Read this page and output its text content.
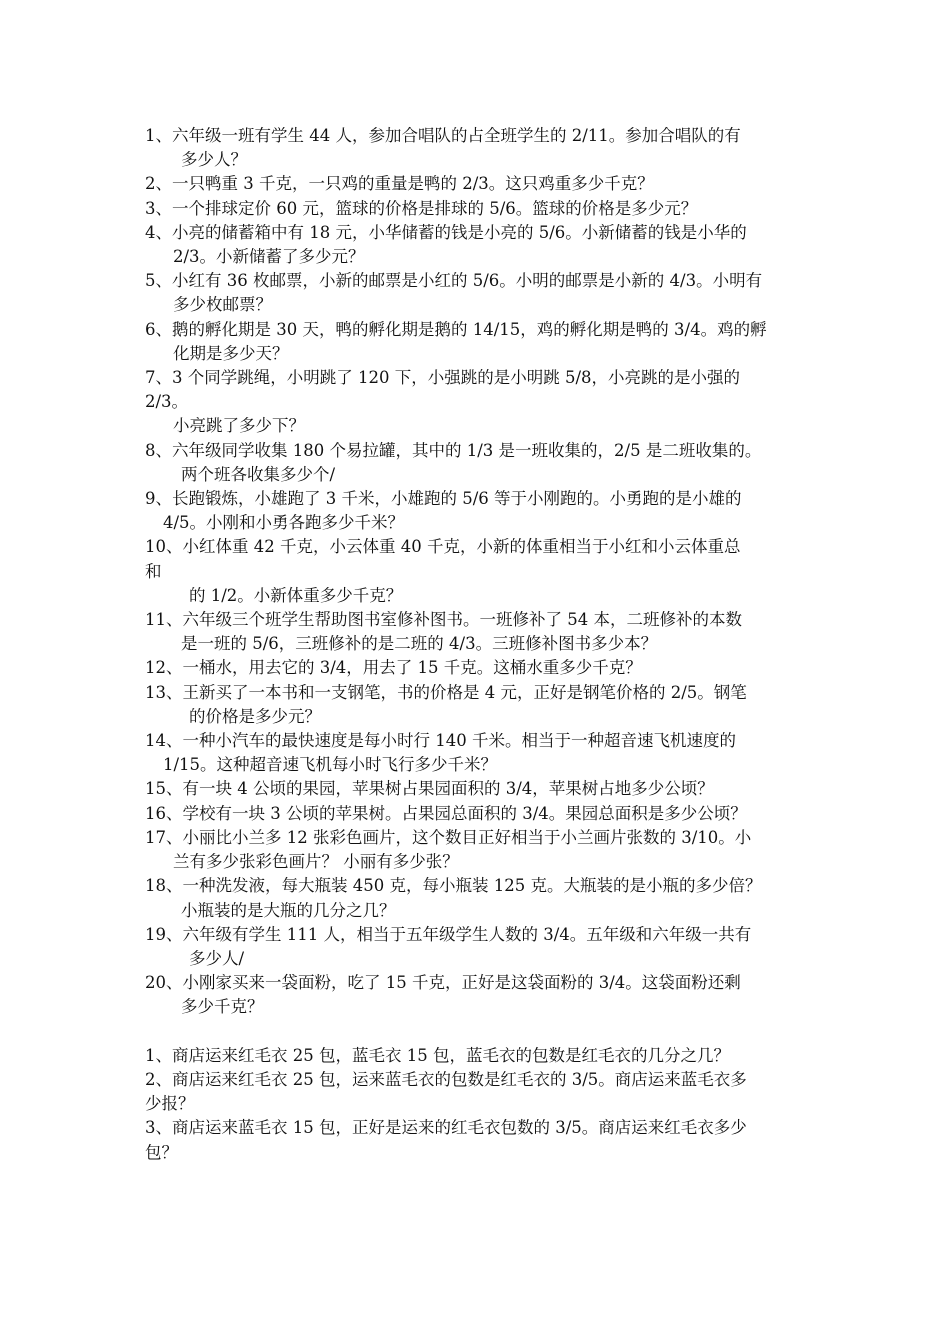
1、六年级一班有学生 44 人，参加合唱队的占全班学生的 2/11。参加合唱队的有
多少人？
2、一只鸭重 3 千克，一只鸡的重量是鸭的 2/3。这只鸡重多少千克？
3、一个排球定价 60 元，篮球的价格是排球的 5/6。篮球的价格是多少元？
4、小亮的储蓄箱中有 18 元，小华储蓄的钱是小亮的 5/6。小新储蓄的钱是小华的
2/3。小新储蓄了多少元？
5、小红有 36 枚邮票，小新的邮票是小红的 5/6。小明的邮票是小新的 4/3。小明有
多少枚邮票？
6、鹅的孵化期是 30 天，鸭的孵化期是鹅的 14/15，鸡的孵化期是鸭的 3/4。鸡的孵
化期是多少天？
7、3 个同学跳绳，小明跳了 120 下，小强跳的是小明跳 5/8，小亮跳的是小强的
2/3。
小亮跳了多少下？
8、六年级同学收集 180 个易拉罐，其中的 1/3 是一班收集的，2/5 是二班收集的。
两个班各收集多少个/
9、长跑锻炼，小雄跑了 3 千米，小雄跑的 5/6 等于小刚跑的。小勇跑的是小雄的
4/5。小刚和小勇各跑多少千米？
10、小红体重 42 千克，小云体重 40 千克，小新的体重相当于小红和小云体重总
和
的 1/2。小新体重多少千克？
11、六年级三个班学生帮助图书室修补图书。一班修补了 54 本，二班修补的本数
是一班的 5/6，三班修补的是二班的 4/3。三班修补图书多少本？
12、一桶水，用去它的 3/4，用去了 15 千克。这桶水重多少千克？
13、王新买了一本书和一支钢笔，书的价格是 4 元，正好是钢笔价格的 2/5。钢笔
的价格是多少元？
14、一种小汽车的最快速度是每小时行 140 千米。相当于一种超音速飞机速度的
1/15。这种超音速飞机每小时飞行多少千米？
15、有一块 4 公顷的果园，苹果树占果园面积的 3/4，苹果树占地多少公顷？
16、学校有一块 3 公顷的苹果树。占果园总面积的 3/4。果园总面积是多少公顷？
17、小丽比小兰多 12 张彩色画片，这个数目正好相当于小兰画片张数的 3/10。小
兰有多少张彩色画片？ 小丽有多少张？
18、一种洗发液，每大瓶装 450 克，每小瓶装 125 克。大瓶装的是小瓶的多少倍？
小瓶装的是大瓶的几分之几？
19、六年级有学生 111 人，相当于五年级学生人数的 3/4。五年级和六年级一共有
多少人/
20、小刚家买来一袋面粉，吃了 15 千克，正好是这袋面粉的 3/4。这袋面粉还剩
多少千克？
1、商店运来红毛衣 25 包，蓝毛衣 15 包，蓝毛衣的包数是红毛衣的几分之几？
2、商店运来红毛衣 25 包，运来蓝毛衣的包数是红毛衣的 3/5。商店运来蓝毛衣多
少报？
3、商店运来蓝毛衣 15 包，正好是运来的红毛衣包数的 3/5。商店运来红毛衣多少
包？
